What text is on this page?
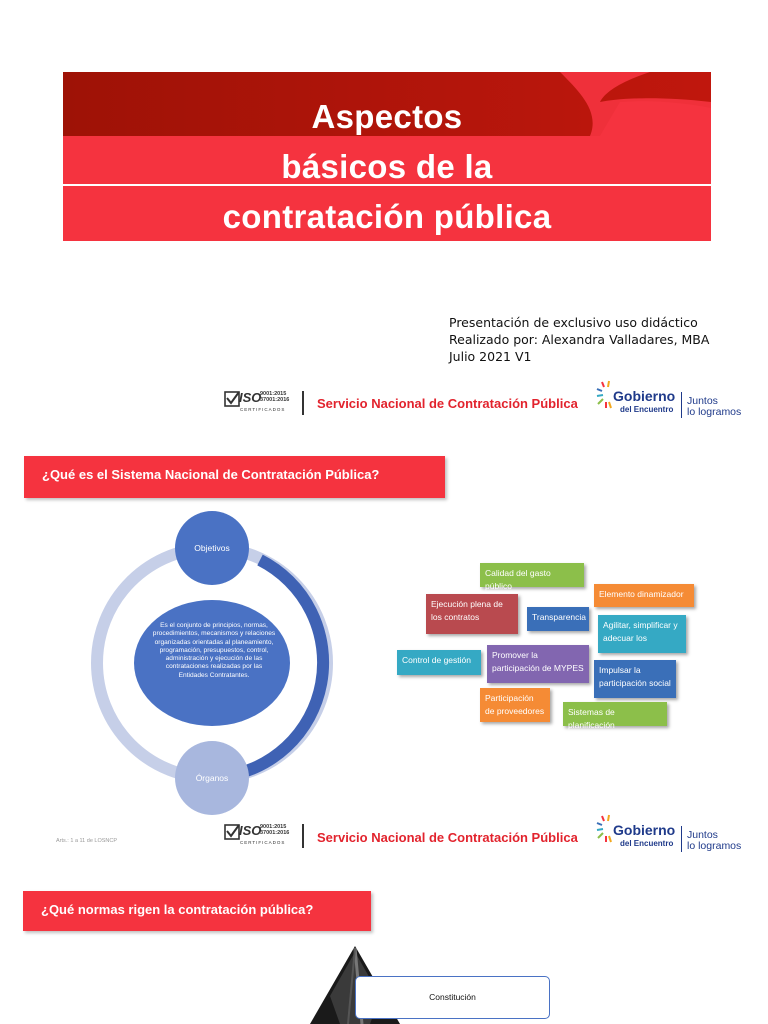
Aspectos
básicos de la
contratación pública
Presentación de exclusivo uso didáctico
Realizado por: Alexandra Valladares, MBA
Julio 2021 V1
ISO
9001:2015 37001:2016
CERTIFICADOS Servicio Nacional de Contratación Pública	Gobierno
del Encuentro
Juntos
lo logramos
¿Qué es el Sistema Nacional de Contratación Pública?
Objetivos
Órganos
Es el conjunto de principios, normas, procedimientos, mecanismos y relaciones organizadas orientadas al planeamiento, programación, presupuestos, control, administración y ejecución de las contrataciones realizadas por las Entidades Contratantes.
Calidad del gasto público
Elemento dinamizador
Ejecución plena de los contratos	Transparencia
Agilitar, simplificar y adecuar los
Control de gestión	Promover la participación de MYPES	Impulsar la participación social
Participación de proveedores	Sistemas de planificación
Arts.: 1 a 11 de LOSNCP
ISO
9001:2015 37001:2016
CERTIFICADOS Servicio Nacional de Contratación Pública	Gobierno
del Encuentro
Juntos
lo logramos
¿Qué normas rigen la contratación pública?
Constitución
